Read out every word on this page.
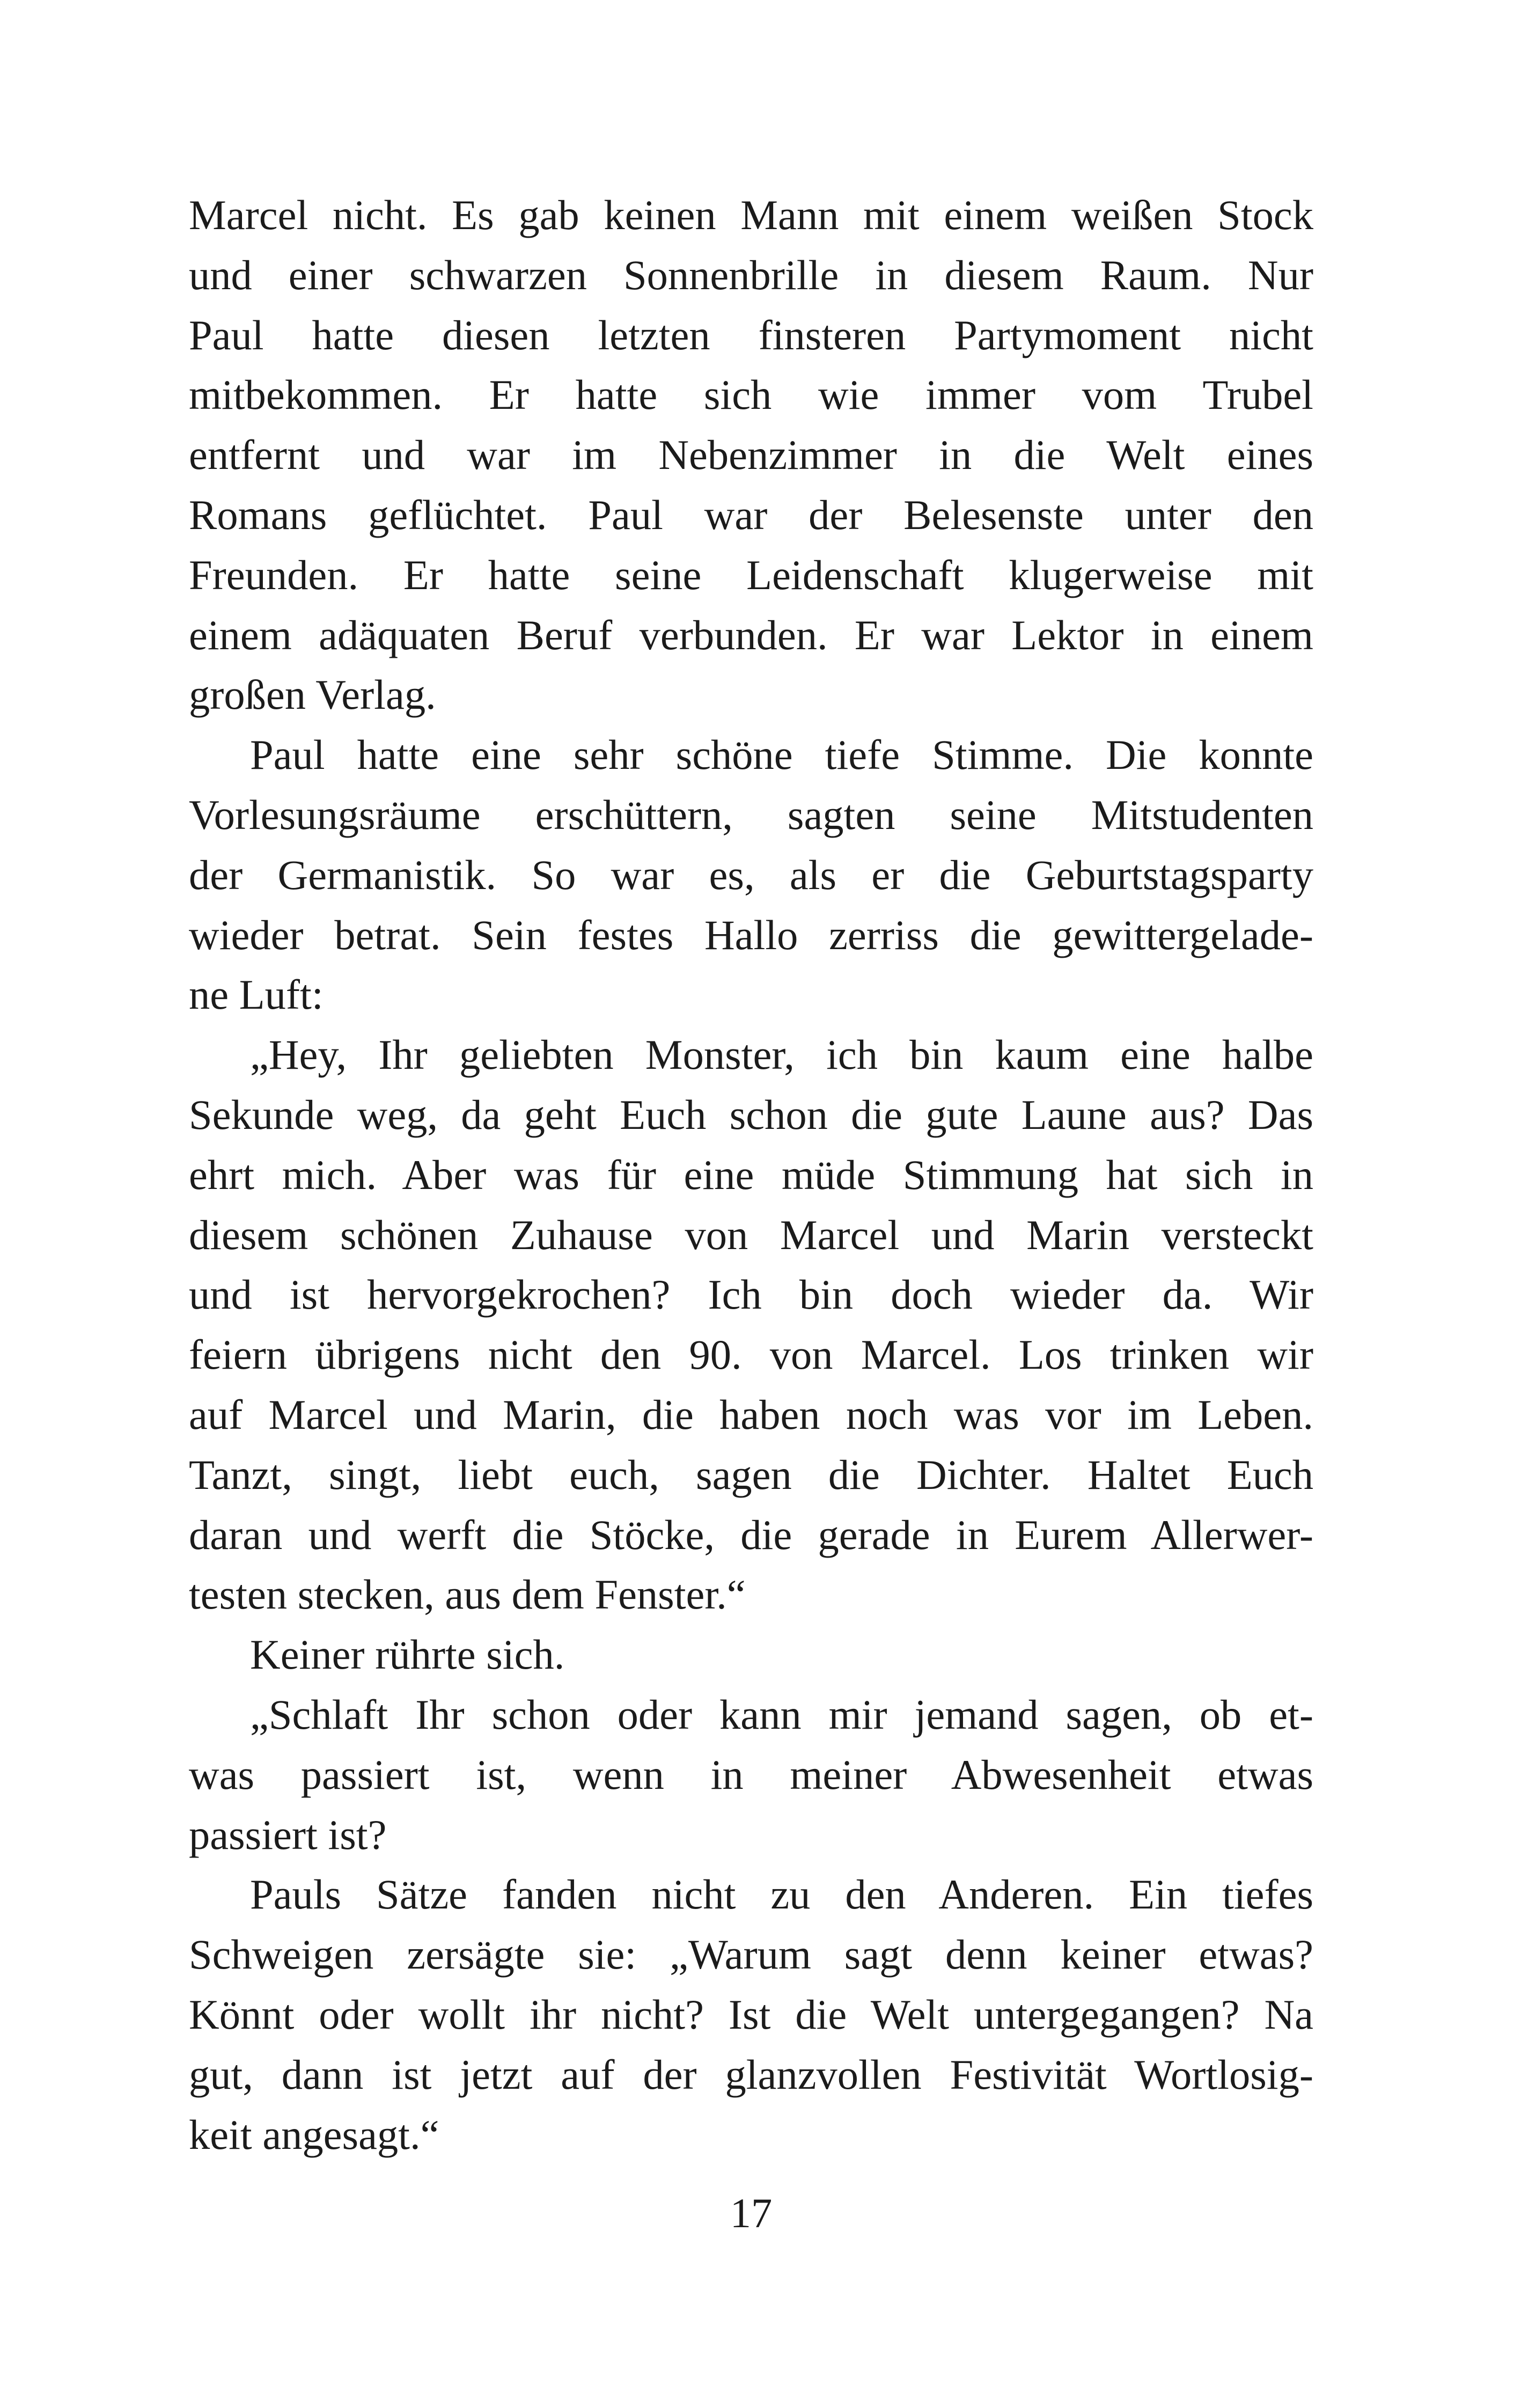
Marcel nicht. Es gab keinen Mann mit einem weißen Stock
und einer schwarzen Sonnenbrille in diesem Raum. Nur
Paul hatte diesen letzten finsteren Partymoment nicht
mitbekommen. Er hatte sich wie immer vom Trubel
entfernt und war im Nebenzimmer in die Welt eines
Romans geflüchtet. Paul war der Belesenste unter den
Freunden. Er hatte seine Leidenschaft klugerweise mit
einem adäquaten Beruf verbunden. Er war Lektor in einem
großen Verlag.
Paul hatte eine sehr schöne tiefe Stimme. Die konnte
Vorlesungsräume erschüttern, sagten seine Mitstudenten
der Germanistik. So war es, als er die Geburtstagsparty
wieder betrat. Sein festes Hallo zerriss die gewittergelade-
ne Luft:
„Hey, Ihr geliebten Monster, ich bin kaum eine halbe
Sekunde weg, da geht Euch schon die gute Laune aus? Das
ehrt mich. Aber was für eine müde Stimmung hat sich in
diesem schönen Zuhause von Marcel und Marin versteckt
und ist hervorgekrochen? Ich bin doch wieder da. Wir
feiern übrigens nicht den 90. von Marcel. Los trinken wir
auf Marcel und Marin, die haben noch was vor im Leben.
Tanzt, singt, liebt euch, sagen die Dichter. Haltet Euch
daran und werft die Stöcke, die gerade in Eurem Allerwer-
testen stecken, aus dem Fenster.“
Keiner rührte sich.
„Schlaft Ihr schon oder kann mir jemand sagen, ob et-
was passiert ist, wenn in meiner Abwesenheit etwas
passiert ist?
Pauls Sätze fanden nicht zu den Anderen. Ein tiefes
Schweigen zersägte sie: „Warum sagt denn keiner etwas?
Könnt oder wollt ihr nicht? Ist die Welt untergegangen? Na
gut, dann ist jetzt auf der glanzvollen Festivität Wortlosig-
keit angesagt.“
17
